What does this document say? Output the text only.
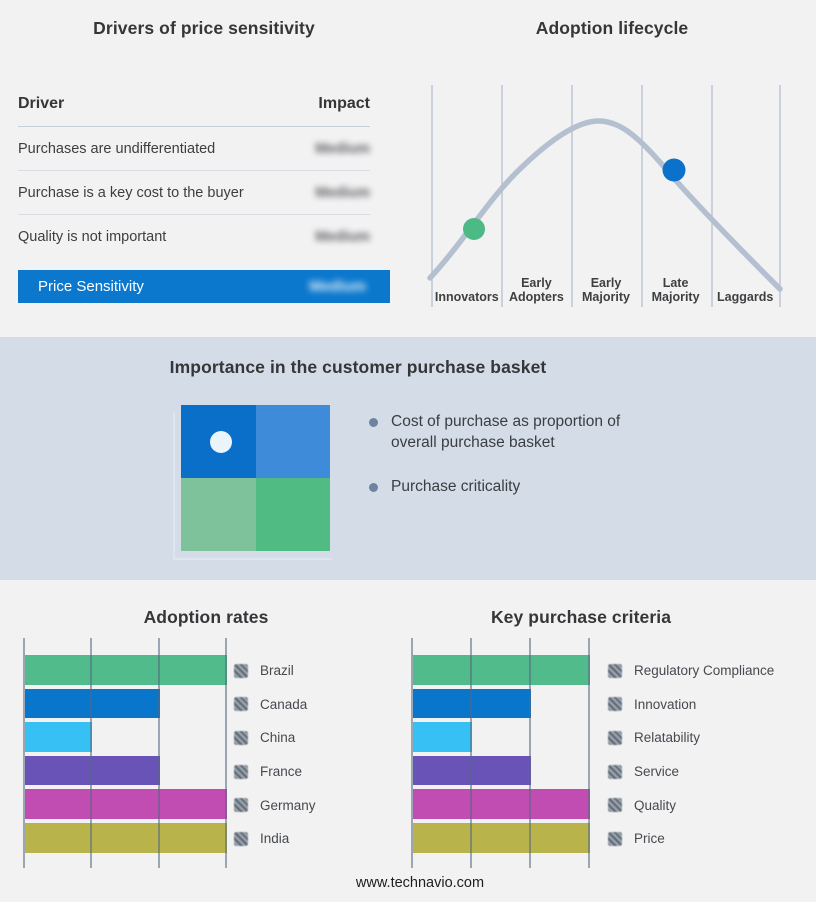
Drivers of price sensitivity	Adoption lifecycle
Driver	Impact
Purchases are undifferentiated	Medium
Purchase is a key cost to the buyer	Medium
Quality is not important	Medium
Price Sensitivity	Medium
Innovators
Early Adopters
Early Majority
Late Majority	Laggards
Importance in the customer purchase basket
Cost of purchase as proportion of overall purchase basket
Purchase criticality
Adoption rates	Key purchase criteria
Brazil
Canada
China
France
Germany
India
Regulatory Compliance
Innovation
Relatability
Service
Quality
Price
www.technavio.com
